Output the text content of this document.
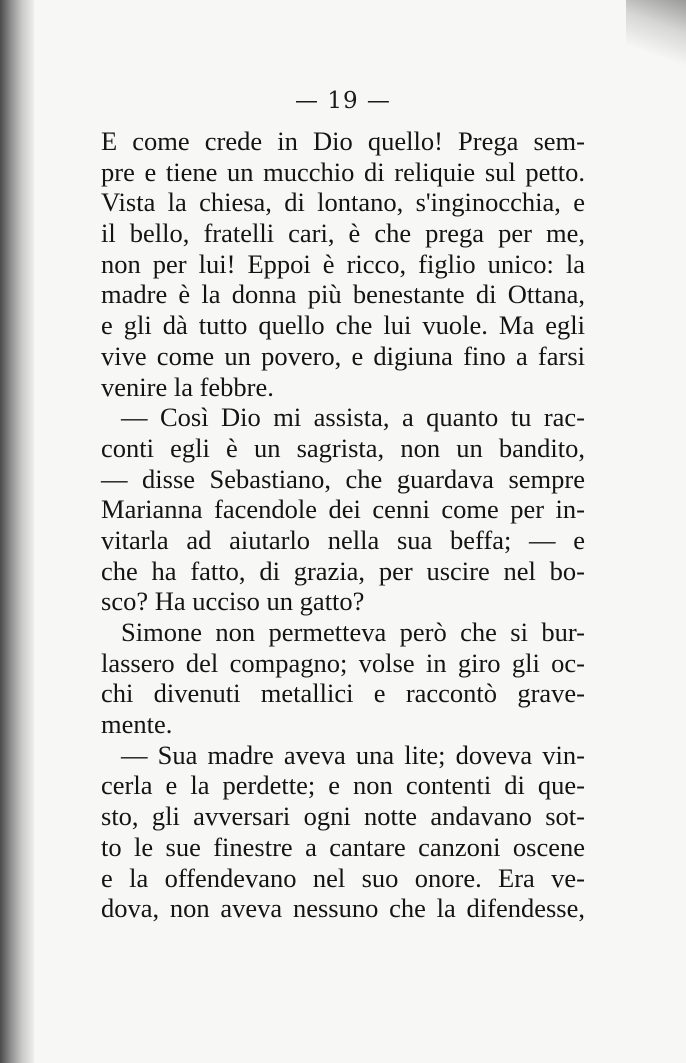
— 19 —
E come crede in Dio quello! Prega sem-
pre e tiene un mucchio di reliquie sul petto.
Vista la chiesa, di lontano, s'inginocchia, e
il bello, fratelli cari, è che prega per me,
non per lui! Eppoi è ricco, figlio unico: la
madre è la donna più benestante di Ottana,
e gli dà tutto quello che lui vuole. Ma egli
vive come un povero, e digiuna fino a farsi
venire la febbre.
— Così Dio mi assista, a quanto tu rac-
conti egli è un sagrista, non un bandito,
— disse Sebastiano, che guardava sempre
Marianna facendole dei cenni come per in-
vitarla ad aiutarlo nella sua beffa; — e
che ha fatto, di grazia, per uscire nel bo-
sco? Ha ucciso un gatto?
Simone non permetteva però che si bur-
lassero del compagno; volse in giro gli oc-
chi divenuti metallici e raccontò grave-
mente.
— Sua madre aveva una lite; doveva vin-
cerla e la perdette; e non contenti di que-
sto, gli avversari ogni notte andavano sot-
to le sue finestre a cantare canzoni oscene
e la offendevano nel suo onore. Era ve-
dova, non aveva nessuno che la difendesse,
